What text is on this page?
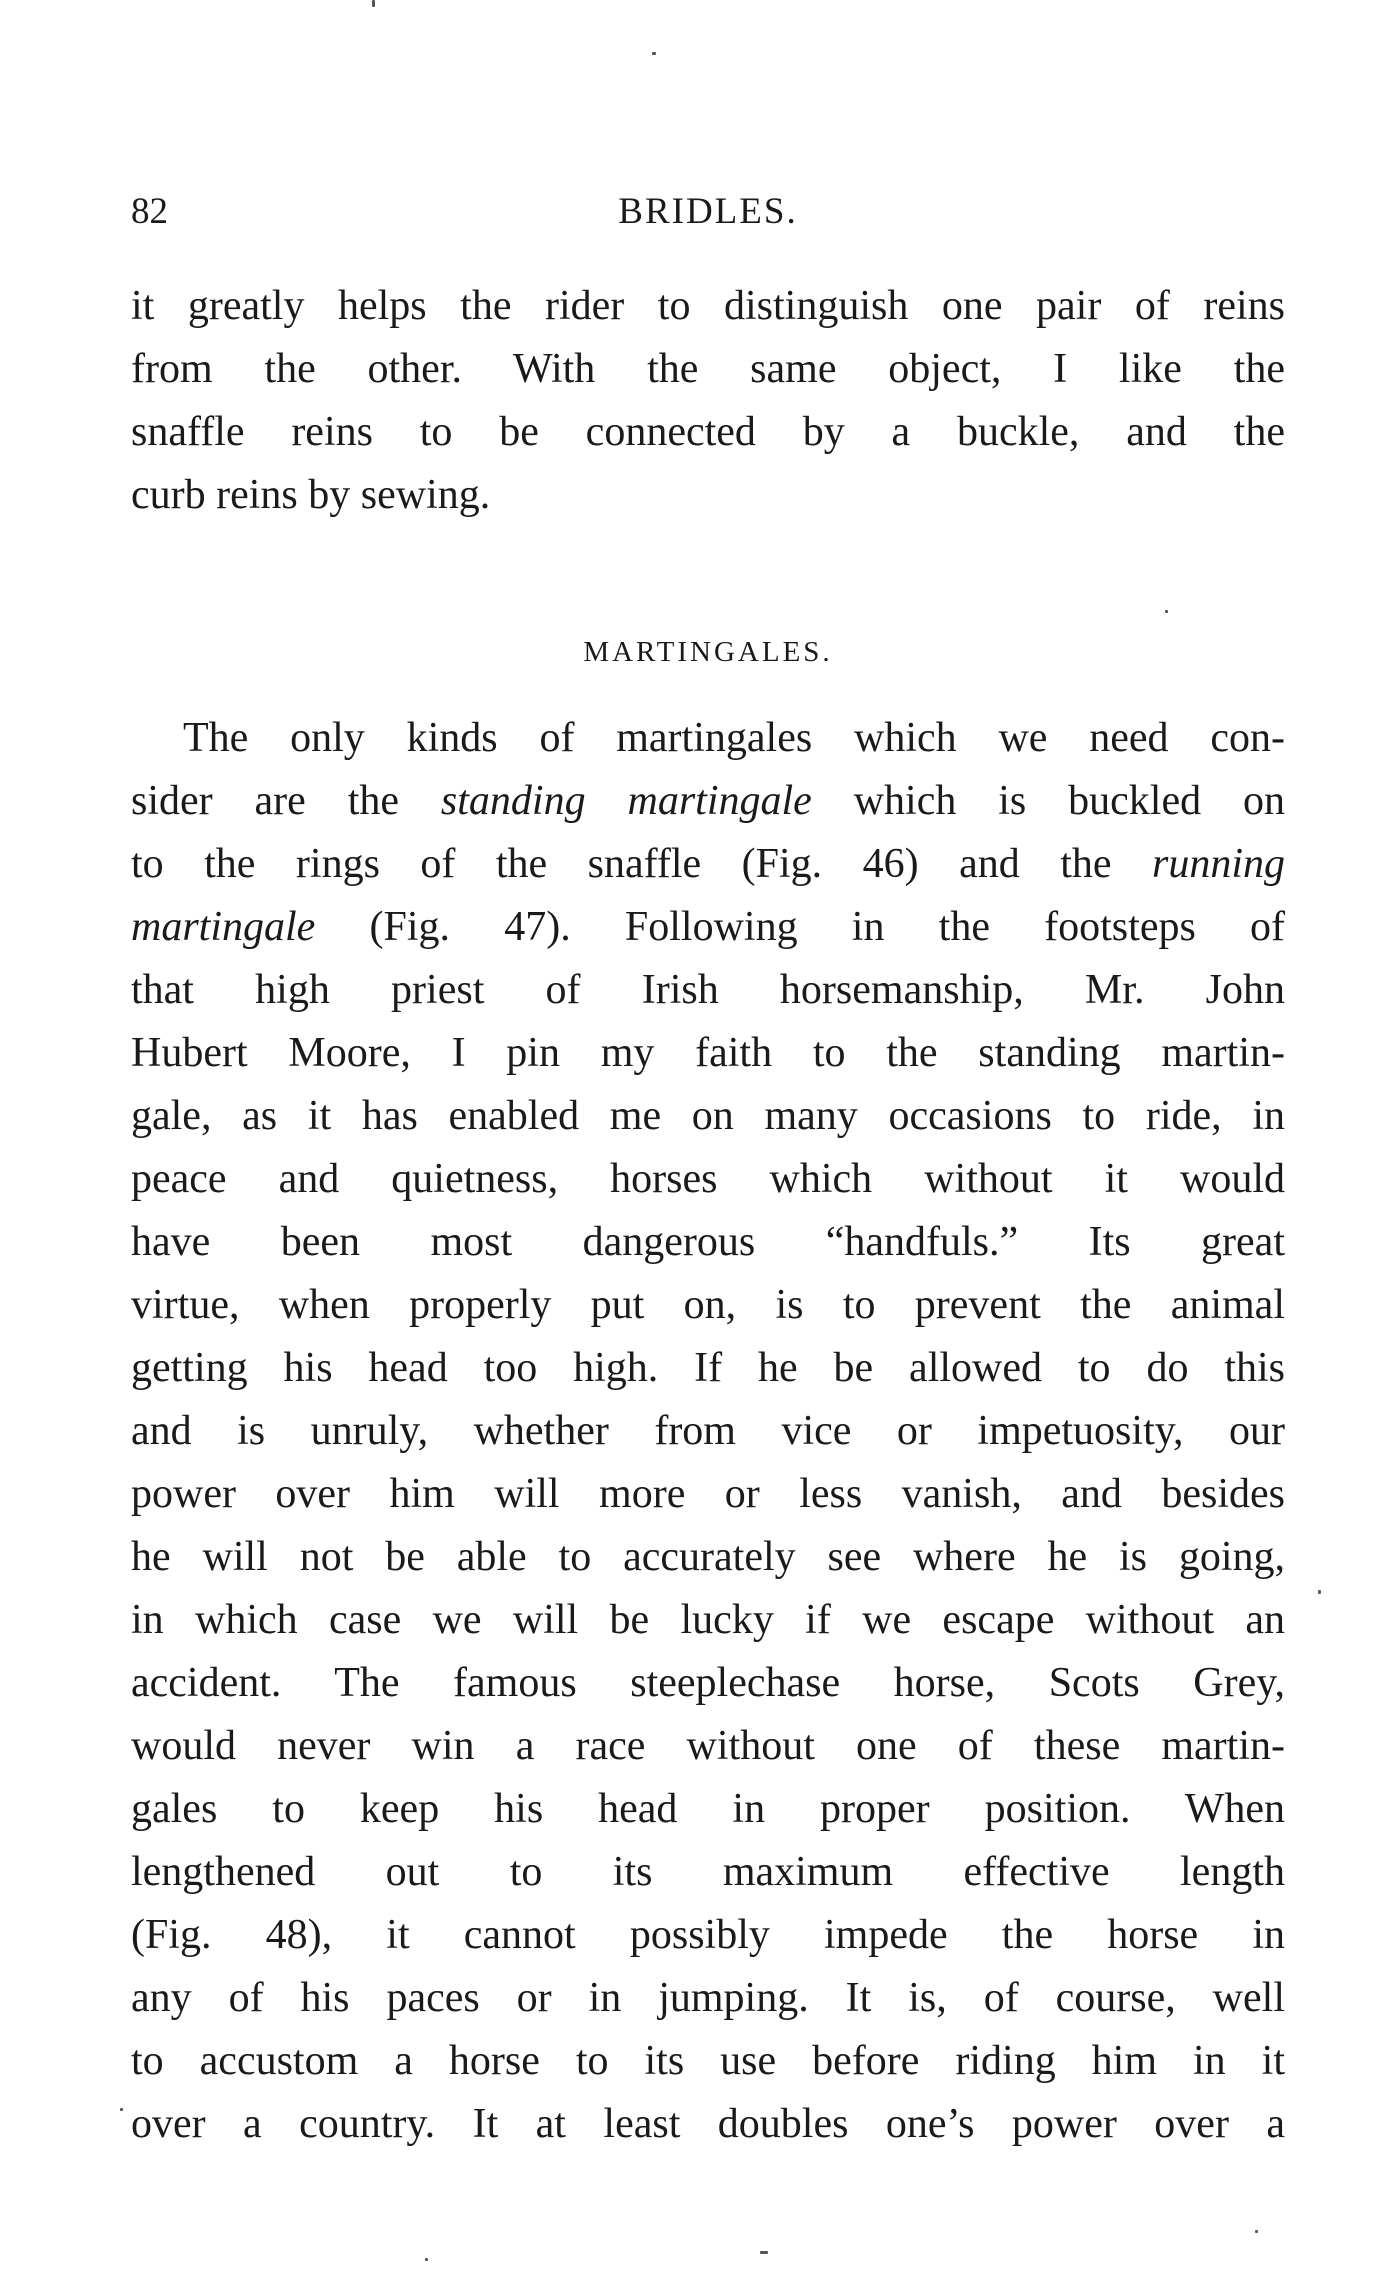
82	BRIDLES.
it greatly helps the rider to distinguish one pair of reins
from the other. With the same object, I like the
snaffle reins to be connected by a buckle, and the
curb reins by sewing.
MARTINGALES.
The only kinds of martingales which we need con-
sider are the standing martingale which is buckled on
to the rings of the snaffle (Fig. 46) and the running
martingale (Fig. 47). Following in the footsteps of
that high priest of Irish horsemanship, Mr. John
Hubert Moore, I pin my faith to the standing martin-
gale, as it has enabled me on many occasions to ride, in
peace and quietness, horses which without it would
have been most dangerous “handfuls.” Its great
virtue, when properly put on, is to prevent the animal
getting his head too high. If he be allowed to do this
and is unruly, whether from vice or impetuosity, our
power over him will more or less vanish, and besides
he will not be able to accurately see where he is going,
in which case we will be lucky if we escape without an
accident. The famous steeplechase horse, Scots Grey,
would never win a race without one of these martin-
gales to keep his head in proper position. When
lengthened out to its maximum effective length
(Fig. 48), it cannot possibly impede the horse in
any of his paces or in jumping. It is, of course, well
to accustom a horse to its use before riding him in it
over a country. It at least doubles one’s power over a
